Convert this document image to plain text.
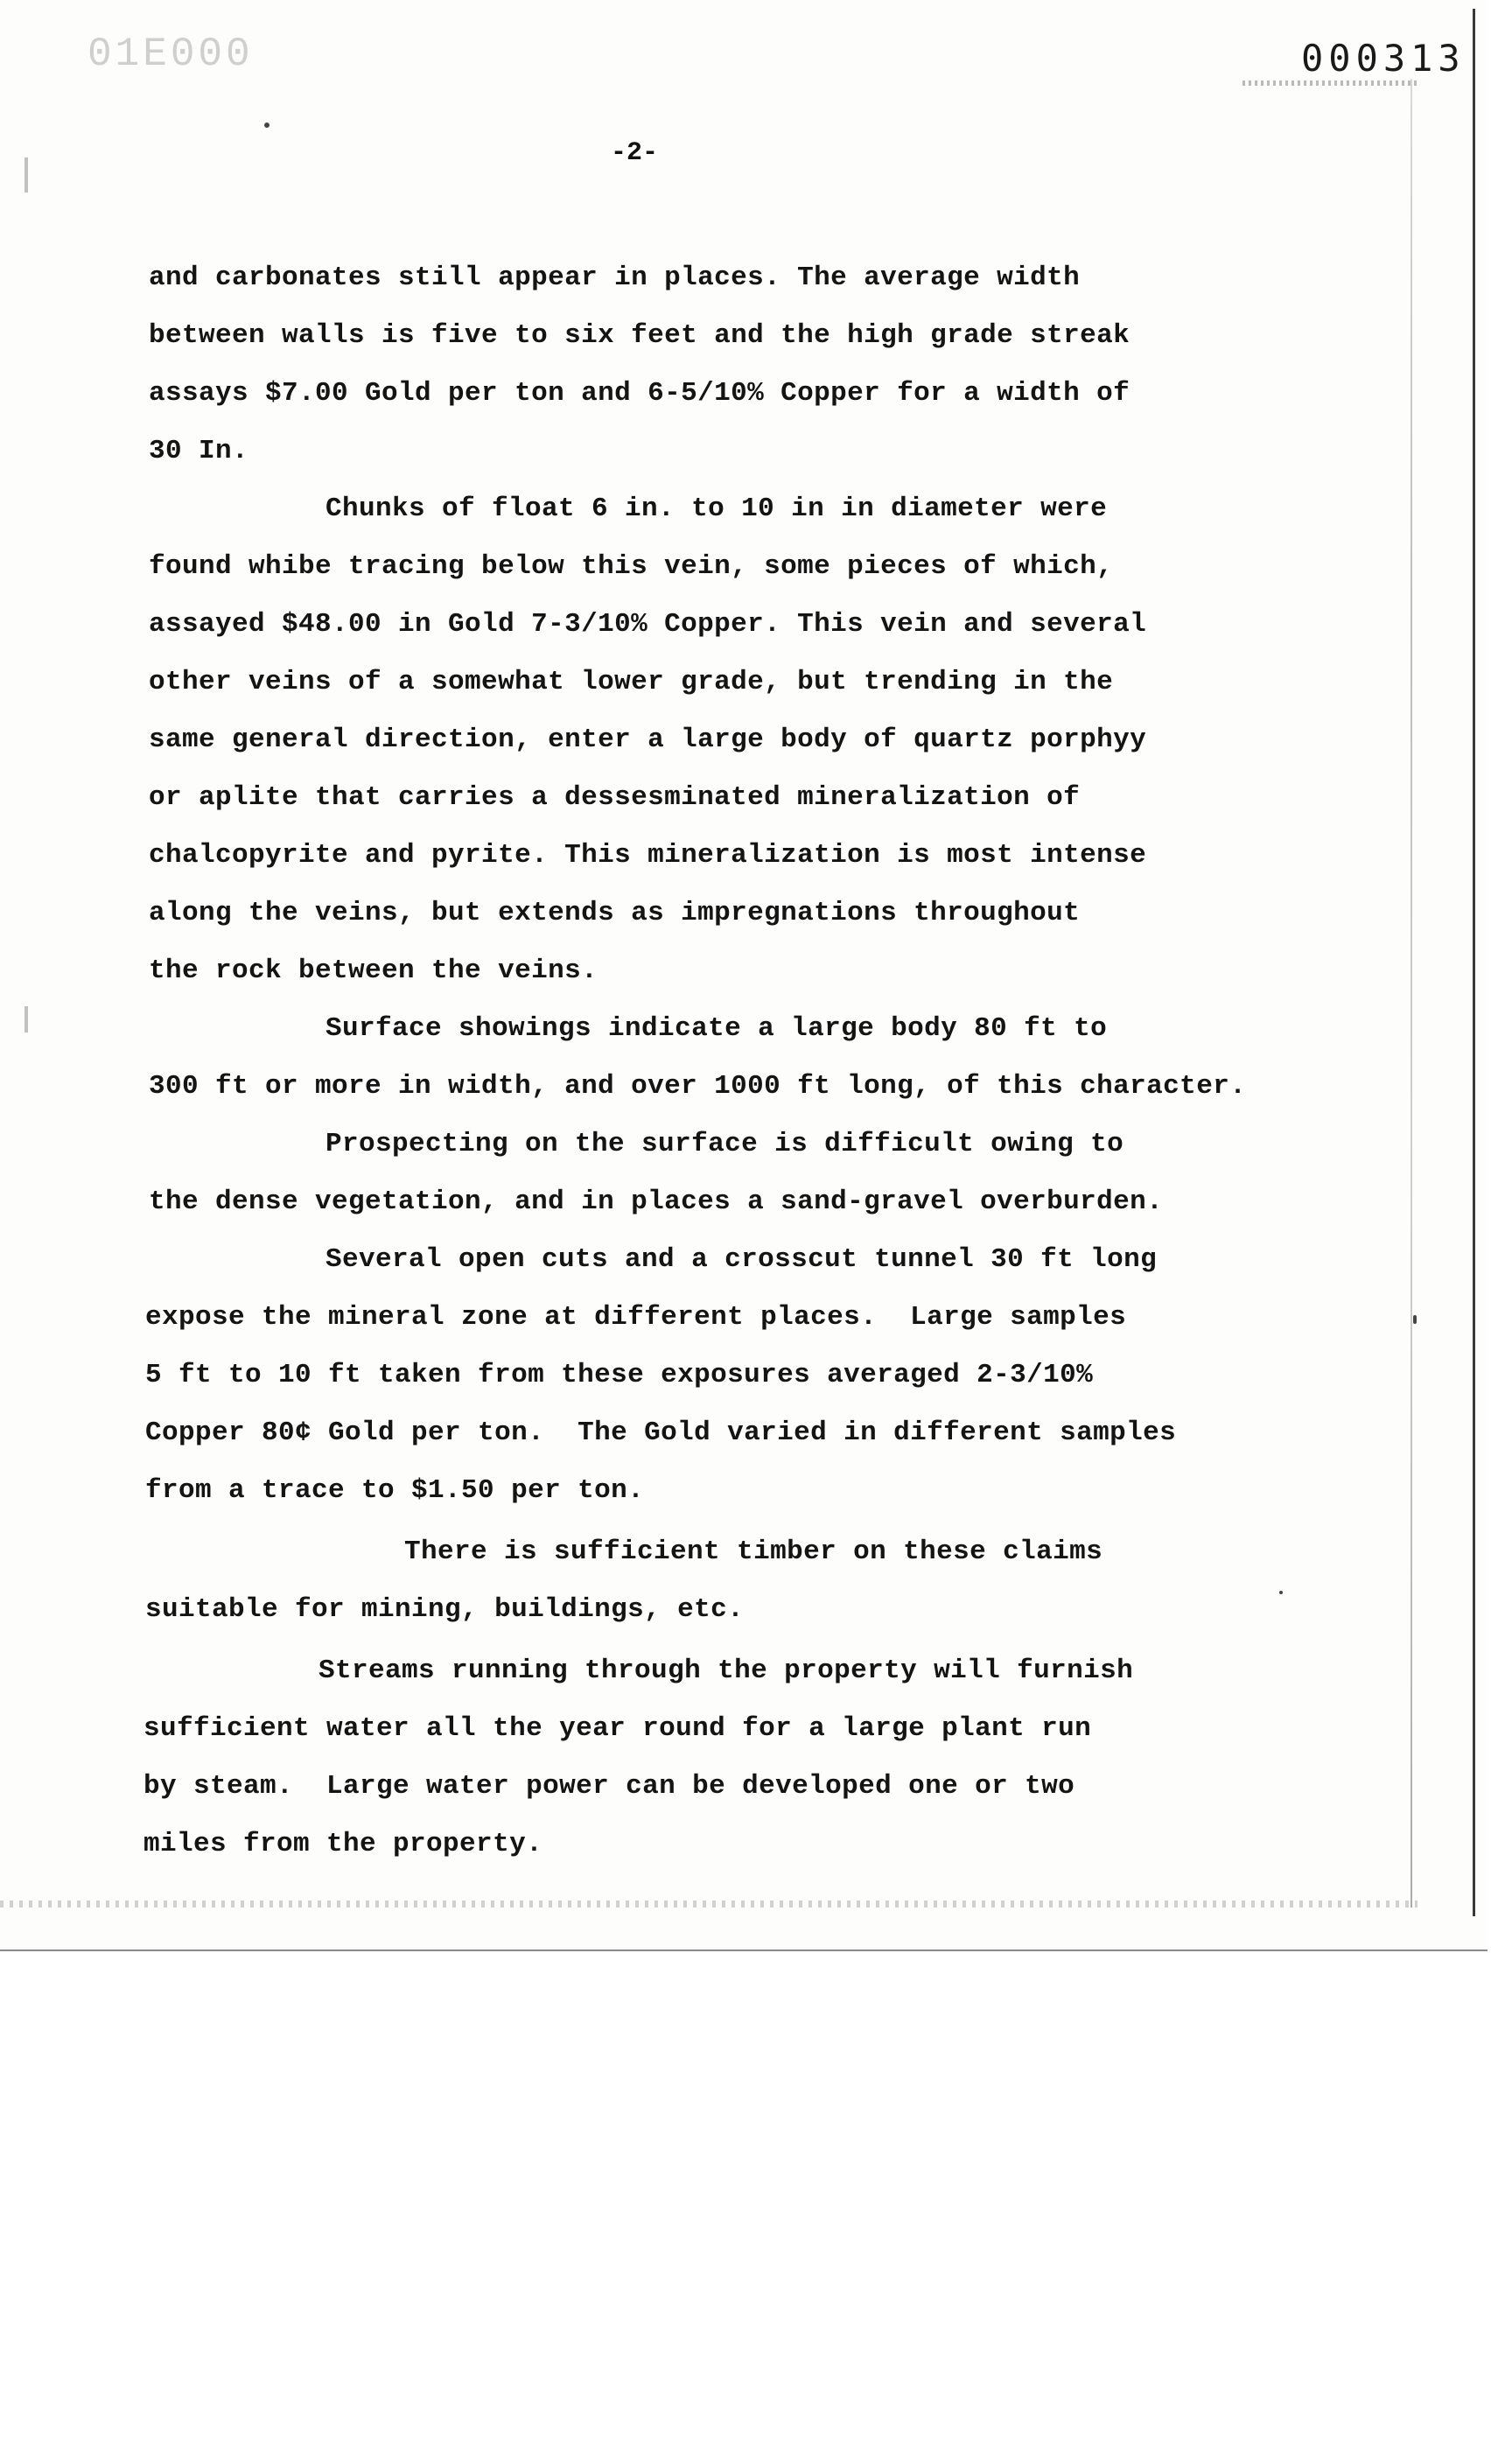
01E000	000313
-2-
and carbonates still appear in places. The average width
between walls is five to six feet and the high grade streak
assays $7.00 Gold per ton and 6-5/10% Copper for a width of
30 In.
Chunks of float 6 in. to 10 in in diameter were
found whibe tracing below this vein, some pieces of which,
assayed $48.00 in Gold 7-3/10% Copper. This vein and several
other veins of a somewhat lower grade, but trending in the
same general direction, enter a large body of quartz porphyy
or aplite that carries a dessesminated mineralization of
chalcopyrite and pyrite. This mineralization is most intense
along the veins, but extends as impregnations throughout
the rock between the veins.
Surface showings indicate a large body 80 ft to
300 ft or more in width, and over 1000 ft long, of this character.
Prospecting on the surface is difficult owing to
the dense vegetation, and in places a sand-gravel overburden.
Several open cuts and a crosscut tunnel 30 ft long
expose the mineral zone at different places.  Large samples
5 ft to 10 ft taken from these exposures averaged 2-3/10%
Copper 80¢ Gold per ton.  The Gold varied in different samples
from a trace to $1.50 per ton.
There is sufficient timber on these claims
suitable for mining, buildings, etc.
Streams running through the property will furnish
sufficient water all the year round for a large plant run
by steam.  Large water power can be developed one or two
miles from the property.
